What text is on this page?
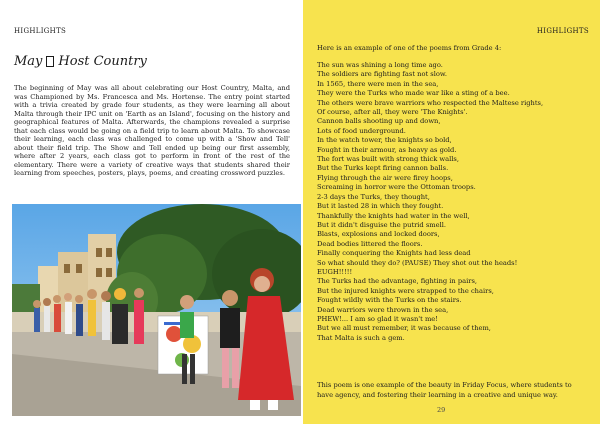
HIGHLIGHTS
May Host Country
The beginning of May was all about celebrating our Host Country, Malta, and was Championed by Ms. Francesca and Ms. Hortense. The entry point started with a trivia created by grade four students, as they were learning all about Malta through their IPC unit on 'Earth as an Island', focusing on the history and geographical features of Malta. Afterwards, the champions revealed a surprise that each class would be going on a field trip to learn about Malta. To showcase their learning, each class was challenged to come up with a 'Show and Tell' about their field trip. The Show and Tell ended up being our first assembly, where after 2 years, each class got to perform in front of the rest of the elementary. There were a variety of creative ways that students shared their learning from speeches, posters, plays, poems, and creating crossword puzzles.
HIGHLIGHTS
Here is an example of one of the poems from Grade 4:
The sun was shining a long time ago.
The soldiers are fighting fast not slow.
In 1565, there were men in the sea,
They were the Turks who made war like a sting of a bee.
The others were brave warriors who respected the Maltese rights,
Of course, after all, they were 'The Knights'.
Cannon balls shooting up and down,
Lots of food underground.
In the watch tower, the knights so bold,
Fought in their armour, as heavy as gold.
The fort was built with strong thick walls,
But the Turks kept firing cannon balls.
Flying through the air were firey hoops,
Screaming in horror were the Ottoman troops.
2-3 days the Turks, they thought,
But it lasted 28 in which they fought.
Thankfully the knights had water in the well,
But it didn't disguise the putrid smell.
Blasts, explosions and locked doors,
Dead bodies littered the floors.
Finally conquering the Knights had less dead
So what should they do? (PAUSE) They shot out the heads!
EUGH!!!!!
The Turks had the advantage, fighting in pairs,
But the injured knights were strapped to the chairs,
Fought wildly with the Turks on the stairs.
Dead warriors were thrown in the sea,
PHEW!... I am so glad it wasn't me!
But we all must remember, it was because of them,
That Malta is such a gem.
This poem is one example of the beauty in Friday Focus, where students to have agency, and fostering their learning in a creative and unique way.
29
